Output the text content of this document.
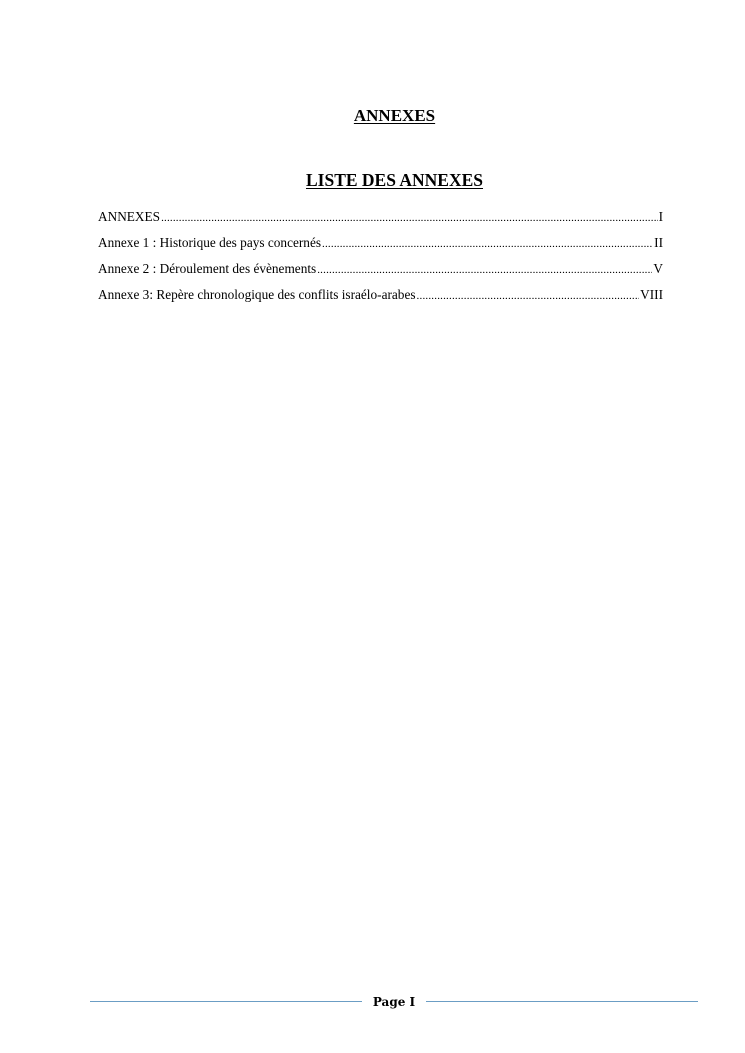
ANNEXES
LISTE DES ANNEXES
ANNEXES .....	I
Annexe 1 : Historique des pays concernés .....	II
Annexe 2 : Déroulement des évènements .....	V
Annexe 3: Repère chronologique des conflits israélo-arabes .....	VIII
Page I
